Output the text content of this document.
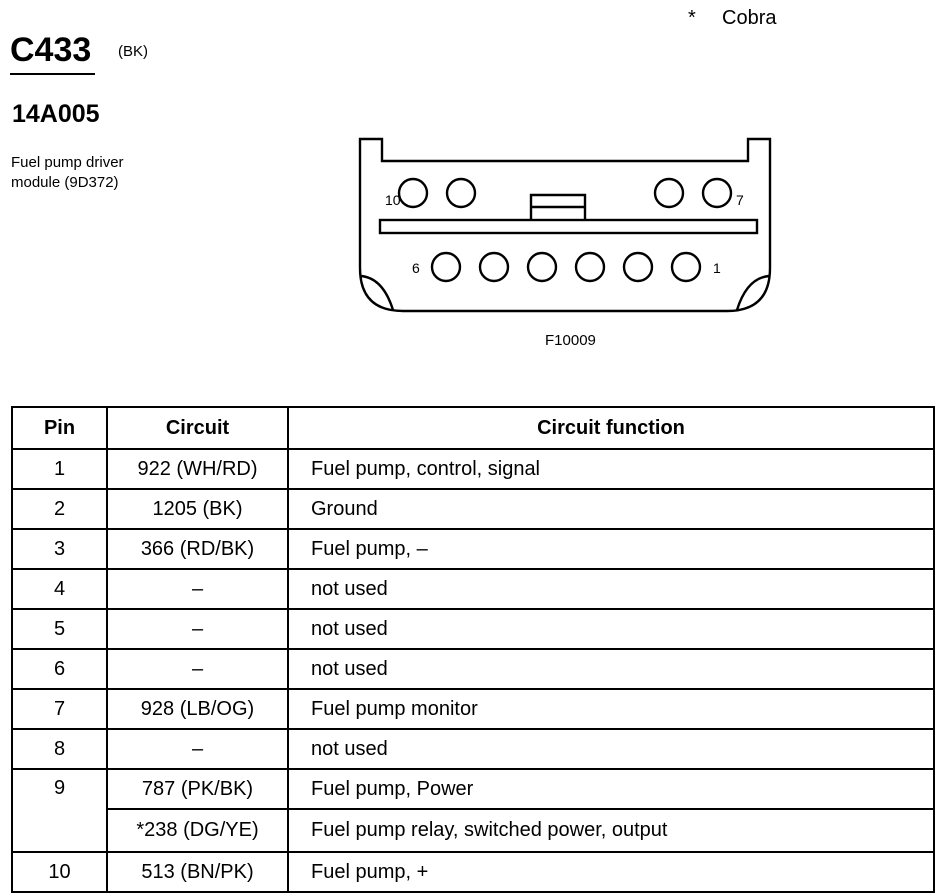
C433 (BK)
* Cobra
14A005
Fuel pump driver
module (9D372)
10	7
6	1
F10009
Pin	Circuit	Circuit function
1	922 (WH/RD)	Fuel pump, control, signal
2	1205 (BK)	Ground
3	366 (RD/BK)	Fuel pump, –
4	–	not used
5	–	not used
6	–	not used
7	928 (LB/OG)	Fuel pump monitor
8	–	not used
9	787 (PK/BK)	Fuel pump, Power
	*238 (DG/YE)	Fuel pump relay, switched power, output
10	513 (BN/PK)	Fuel pump, +
